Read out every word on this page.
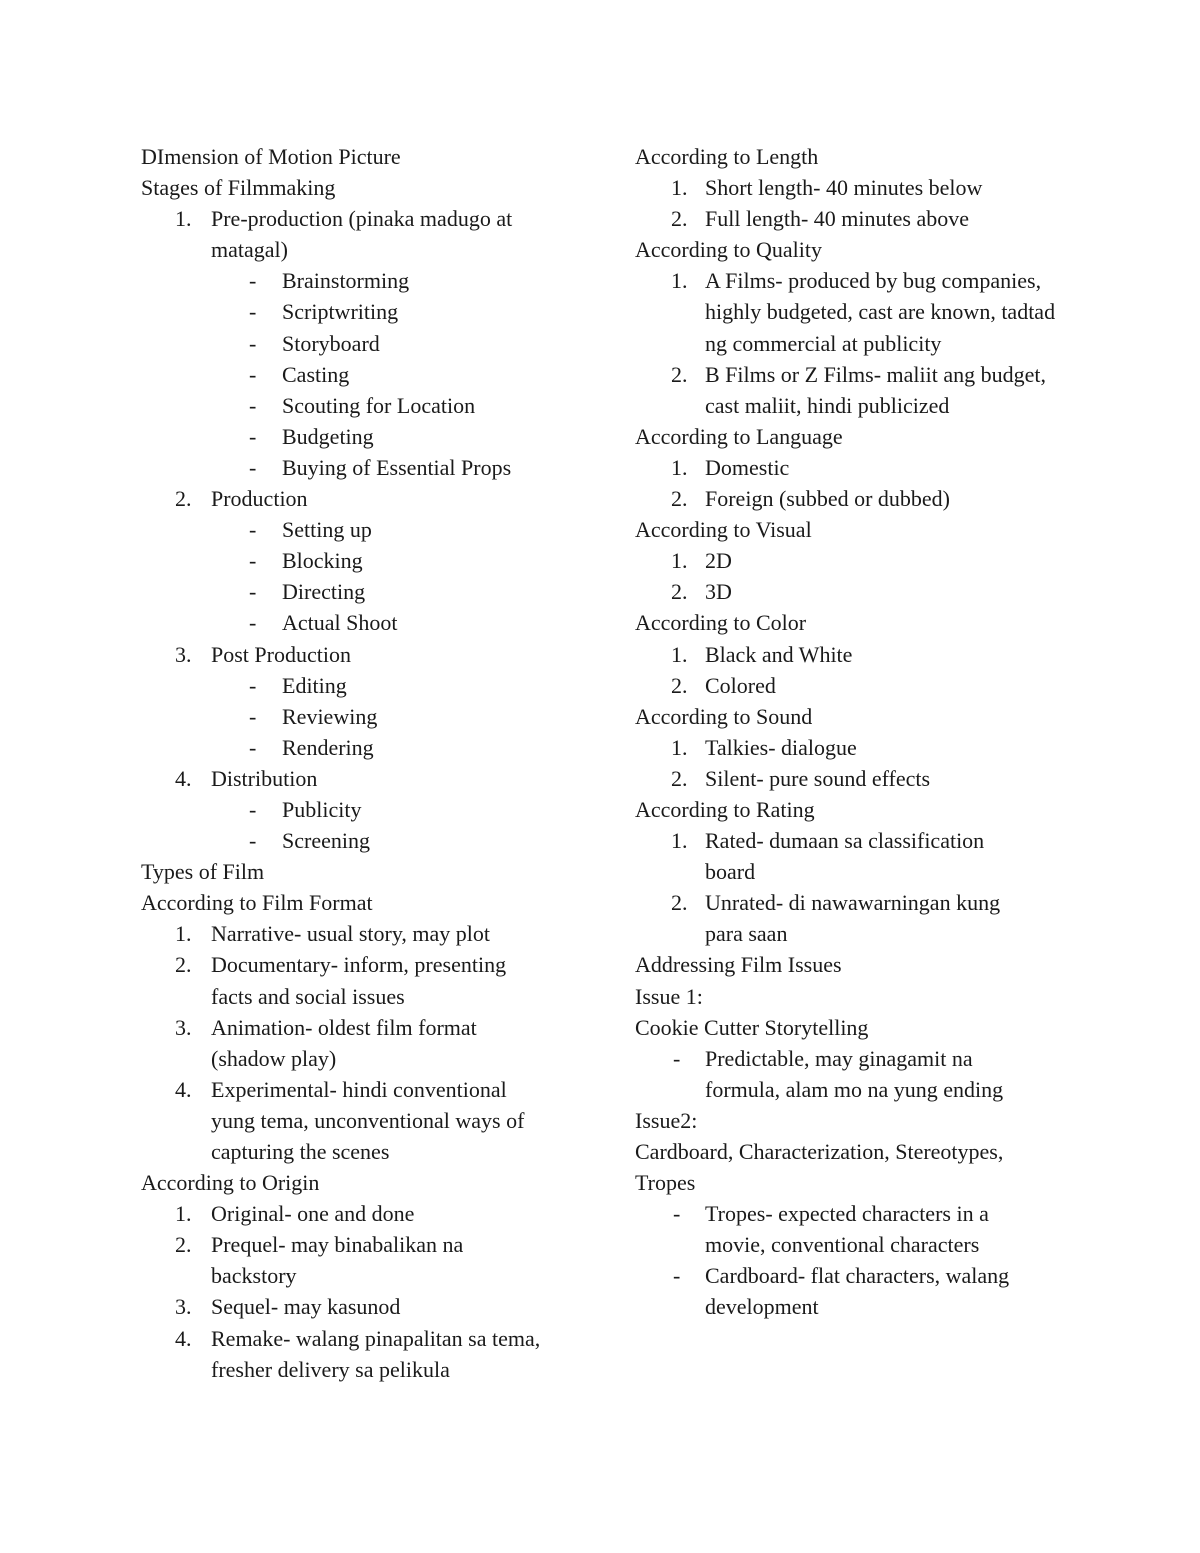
DImension of Motion Picture
Stages of Filmmaking
1. Pre-production (pinaka madugo at matagal)
- Brainstorming
- Scriptwriting
- Storyboard
- Casting
- Scouting for Location
- Budgeting
- Buying of Essential Props
2. Production
- Setting up
- Blocking
- Directing
- Actual Shoot
3. Post Production
- Editing
- Reviewing
- Rendering
4. Distribution
- Publicity
- Screening
Types of Film
According to Film Format
1. Narrative- usual story, may plot
2. Documentary- inform, presenting facts and social issues
3. Animation- oldest film format (shadow play)
4. Experimental- hindi conventional yung tema, unconventional ways of capturing the scenes
According to Origin
1. Original- one and done
2. Prequel- may binabalikan na backstory
3. Sequel- may kasunod
4. Remake- walang pinapalitan sa tema, fresher delivery sa pelikula
According to Length
1. Short length- 40 minutes below
2. Full length- 40 minutes above
According to Quality
1. A Films- produced by bug companies, highly budgeted, cast are known, tadtad ng commercial at publicity
2. B Films or Z Films- maliit ang budget, cast maliit, hindi publicized
According to Language
1. Domestic
2. Foreign (subbed or dubbed)
According to Visual
1. 2D
2. 3D
According to Color
1. Black and White
2. Colored
According to Sound
1. Talkies- dialogue
2. Silent- pure sound effects
According to Rating
1. Rated- dumaan sa classification board
2. Unrated- di nawawarningan kung para saan
Addressing Film Issues
Issue 1:
Cookie Cutter Storytelling
- Predictable, may ginagamit na formula, alam mo na yung ending
Issue2:
Cardboard, Characterization, Stereotypes, Tropes
- Tropes- expected characters in a movie, conventional characters
- Cardboard- flat characters, walang development
